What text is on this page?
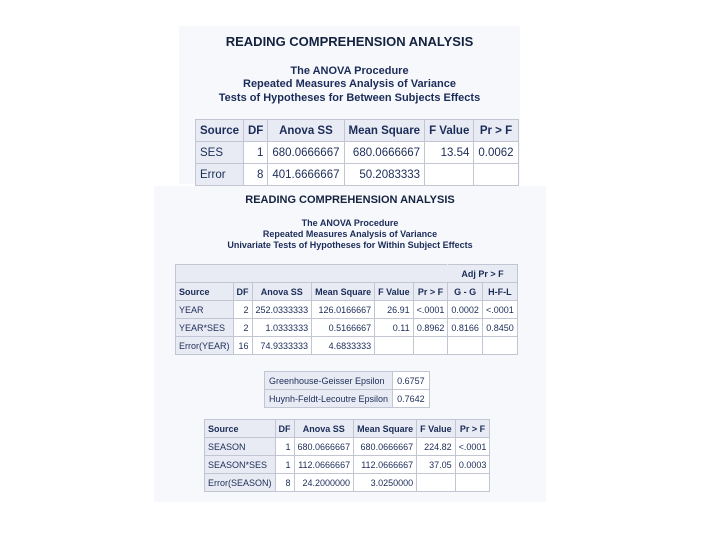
READING COMPREHENSION ANALYSIS
The ANOVA Procedure
Repeated Measures Analysis of Variance
Tests of Hypotheses for Between Subjects Effects
Source	DF	Anova SS	Mean Square	F Value	Pr > F
SES	1	680.0666667	680.0666667	13.54	0.0062
Error	8	401.6666667	50.2083333		
READING COMPREHENSION ANALYSIS
The ANOVA Procedure
Repeated Measures Analysis of Variance
Univariate Tests of Hypotheses for Within Subject Effects
						Adj Pr > F	
Source	DF	Anova SS	Mean Square	F Value	Pr > F	G - G	H-F-L
YEAR	2	252.0333333	126.0166667	26.91	<.0001	0.0002	<.0001
YEAR*SES	2	1.0333333	0.5166667	0.11	0.8962	0.8166	0.8450
Error(YEAR)	16	74.9333333	4.6833333				
Greenhouse-Geisser Epsilon	0.6757
Huynh-Feldt-Lecoutre Epsilon	0.7642
Source	DF	Anova SS	Mean Square	F Value	Pr > F
SEASON	1	680.0666667	680.0666667	224.82	<.0001
SEASON*SES	1	112.0666667	112.0666667	37.05	0.0003
Error(SEASON)	8	24.2000000	3.0250000		
